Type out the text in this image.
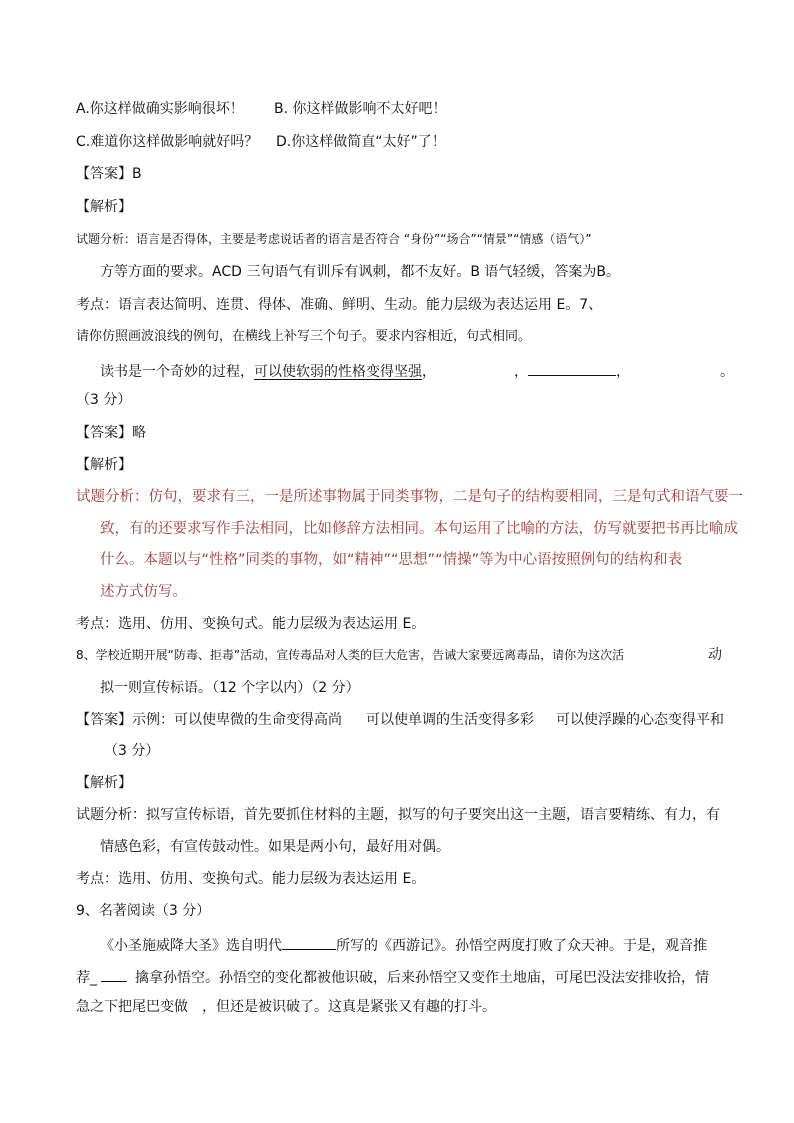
A.你这样做确实影响很坏！ B. 你这样做影响不太好吧！
C.难道你这样做影响就好吗？ D.你这样做简直“太好”了！
【答案】B
【解析】
试题分析：语言是否得体，主要是考虑说话者的语言是否符合 “身份”“场合”“情景”“情感（语气）”
方等方面的要求。ACD 三句语气有训斥有讽刺，都不友好。B 语气轻缓，答案为B。
考点：语言表达简明、连贯、得体、准确、鲜明、生动。能力层级为表达运用 E。7、
请你仿照画波浪线的例句，在横线上补写三个句子。要求内容相近，句式相同。
读书是一个奇妙的过程，可以使软弱的性格变得坚强，	，	，	。
（3 分）
【答案】略
【解析】
试题分析：仿句，要求有三，一是所述事物属于同类事物，二是句子的结构要相同，三是句式和语气要一
致，有的还要求写作手法相同，比如修辞方法相同。本句运用了比喻的方法，仿写就要把书再比喻成
什么。本题以与“性格”同类的事物，如“精神”“思想”“情操”等为中心语按照例句的结构和表
述方式仿写。
考点：选用、仿用、变换句式。能力层级为表达运用 E。
8、学校近期开展“防毒、拒毒”活动，宣传毒品对人类的巨大危害，告诫大家要远离毒品，请你为这次活	动
拟一则宣传标语。（12 个字以内）（2 分）
【答案】示例：可以使卑微的生命变得高尚 可以使单调的生活变得多彩 可以使浮躁的心态变得平和
（3 分）
【解析】
试题分析：拟写宣传标语，首先要抓住材料的主题，拟写的句子要突出这一主题，语言要精练、有力，有
情感色彩，有宣传鼓动性。如果是两小句，最好用对偶。
考点：选用、仿用、变换句式。能力层级为表达运用 E。
9、名著阅读（3 分）
《小圣施威降大圣》选自明代	所写的《西游记》。孙悟空两度打败了众天神。于是，观音推
荐_	擒拿孙悟空。孙悟空的变化都被他识破，后来孙悟空又变作土地庙，可尾巴没法安排收拾，情
急之下把尾巴变做　，但还是被识破了。这真是紧张又有趣的打斗。
